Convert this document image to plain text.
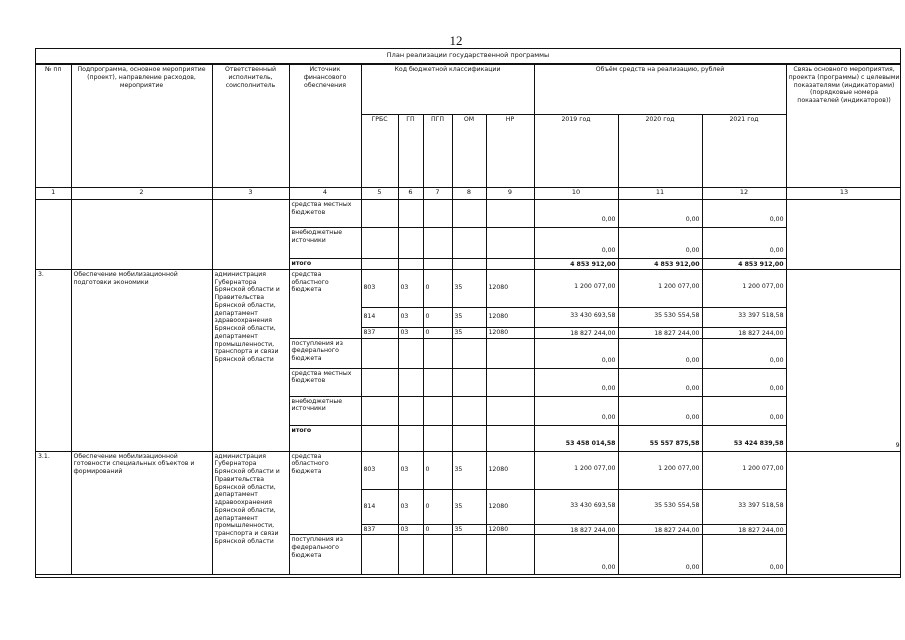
12
План реализации государственной программы
№ пп	Подпрограмма, основное мероприятие (проект), направление расходов, мероприятие	Ответственный исполнитель, соисполнитель	Источник финансового обеспечения	Код бюджетной классификации					Объём средств на реализацию, рублей			Связь основного мероприятия, проекта (программы) с целевыми показателями (индикаторами) (порядковые номера показателей (индикаторов))
				ГРБС	ГП	ПГП	ОМ	НР	2019 год	2020 год	2021 год	
1	2	3	4	5	6	7	8	9	10	11	12	13
			средства местных бюджетов						0,00	0,00	0,00	
			внебюджетные источники						0,00	0,00	0,00	
			итого						4 853 912,00	4 853 912,00	4 853 912,00	
3.	Обеспечение мобилизационной подготовки экономики	администрация Губернатора Брянской области и Правительства Брянской области, департамент здравоохранения Брянской области, департамент промышленности, транспорта и связи Брянской области	средства областного бюджета	803	03	0	35	12080	1 200 077,00	1 200 077,00	1 200 077,00	9
				814	03	0	35	12080	33 430 693,58	35 530 554,58	33 397 518,58	
				837	03	0	35	12080	18 827 244,00	18 827 244,00	18 827 244,00	
			поступления из федерального бюджета						0,00	0,00	0,00	
			средства местных бюджетов						0,00	0,00	0,00	
			внебюджетные источники						0,00	0,00	0,00	
			итого						53 458 014,58	55 557 875,58	53 424 839,58	
3.1.	Обеспечение мобилизационной готовности специальных объектов и формирований	администрация Губернатора Брянской области и Правительства Брянской области, департамент здравоохранения Брянской области, департамент промышленности, транспорта и связи Брянской области	средства областного бюджета	803	03	0	35	12080	1 200 077,00	1 200 077,00	1 200 077,00	
				814	03	0	35	12080	33 430 693,58	35 530 554,58	33 397 518,58	
				837	03	0	35	12080	18 827 244,00	18 827 244,00	18 827 244,00	
			поступления из федерального бюджета						0,00	0,00	0,00	
